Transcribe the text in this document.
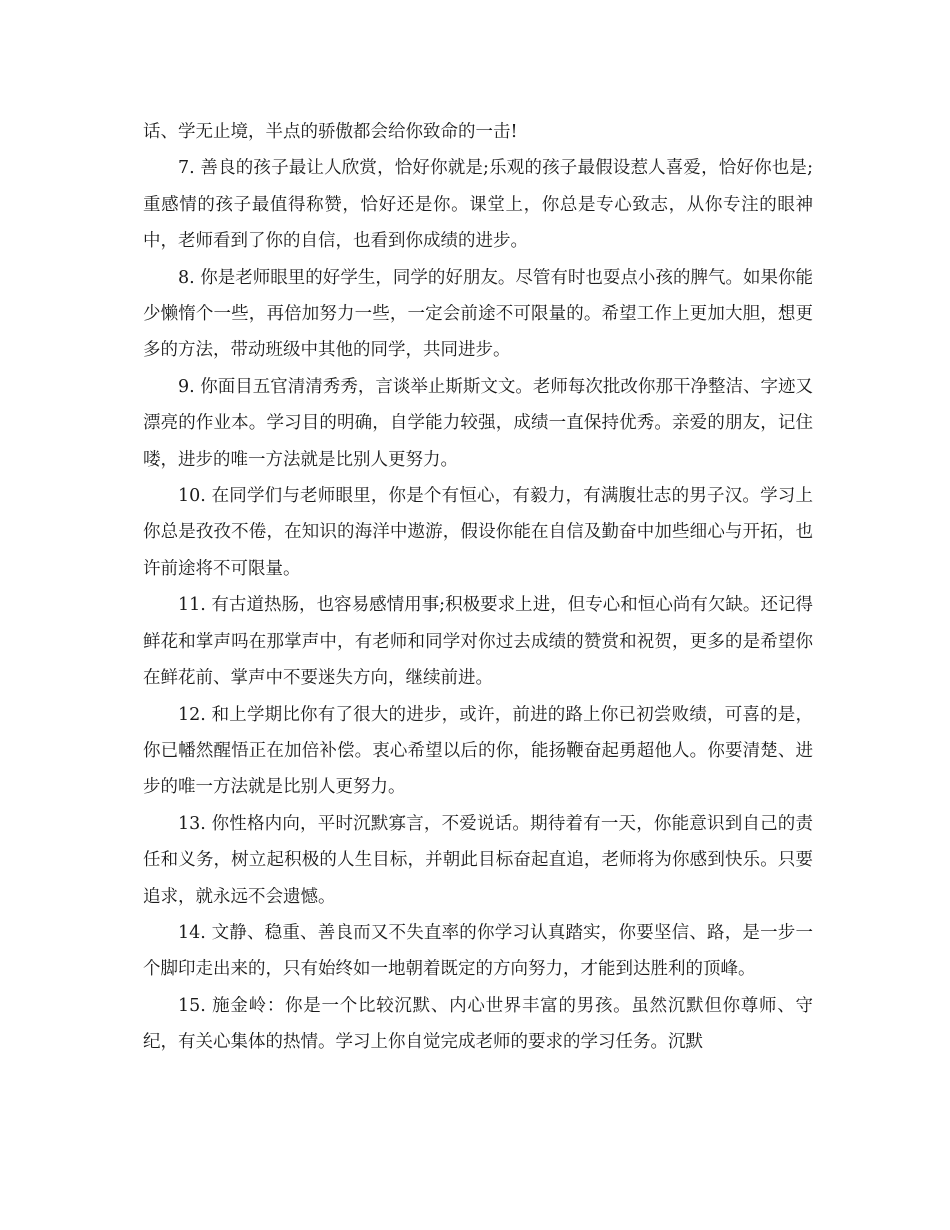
话、学无止境，半点的骄傲都会给你致命的一击!

7. 善良的孩子最让人欣赏，恰好你就是;乐观的孩子最假设惹人喜爱，恰好你也是;重感情的孩子最值得称赞，恰好还是你。课堂上，你总是专心致志，从你专注的眼神中，老师看到了你的自信，也看到你成绩的进步。

8. 你是老师眼里的好学生，同学的好朋友。尽管有时也耍点小孩的脾气。如果你能少懒惰个一些，再倍加努力一些，一定会前途不可限量的。希望工作上更加大胆，想更多的方法，带动班级中其他的同学，共同进步。

9. 你面目五官清清秀秀，言谈举止斯斯文文。老师每次批改你那干净整洁、字迹又漂亮的作业本。学习目的明确，自学能力较强，成绩一直保持优秀。亲爱的朋友，记住喽，进步的唯一方法就是比别人更努力。

10. 在同学们与老师眼里，你是个有恒心，有毅力，有满腹壮志的男子汉。学习上你总是孜孜不倦，在知识的海洋中遨游，假设你能在自信及勤奋中加些细心与开拓，也许前途将不可限量。

11. 有古道热肠，也容易感情用事;积极要求上进，但专心和恒心尚有欠缺。还记得鲜花和掌声吗在那掌声中，有老师和同学对你过去成绩的赞赏和祝贺，更多的是希望你在鲜花前、掌声中不要迷失方向，继续前进。

12. 和上学期比你有了很大的进步，或许，前进的路上你已初尝败绩，可喜的是，你已幡然醒悟正在加倍补偿。衷心希望以后的你，能扬鞭奋起勇超他人。你要清楚、进步的唯一方法就是比别人更努力。

13. 你性格内向，平时沉默寡言，不爱说话。期待着有一天，你能意识到自己的责任和义务，树立起积极的人生目标，并朝此目标奋起直追，老师将为你感到快乐。只要追求，就永远不会遗憾。

14. 文静、稳重、善良而又不失直率的你学习认真踏实，你要坚信、路，是一步一个脚印走出来的，只有始终如一地朝着既定的方向努力，才能到达胜利的顶峰。

15. 施金岭：你是一个比较沉默、内心世界丰富的男孩。虽然沉默但你尊师、守纪，有关心集体的热情。学习上你自觉完成老师的要求的学习任务。沉默
